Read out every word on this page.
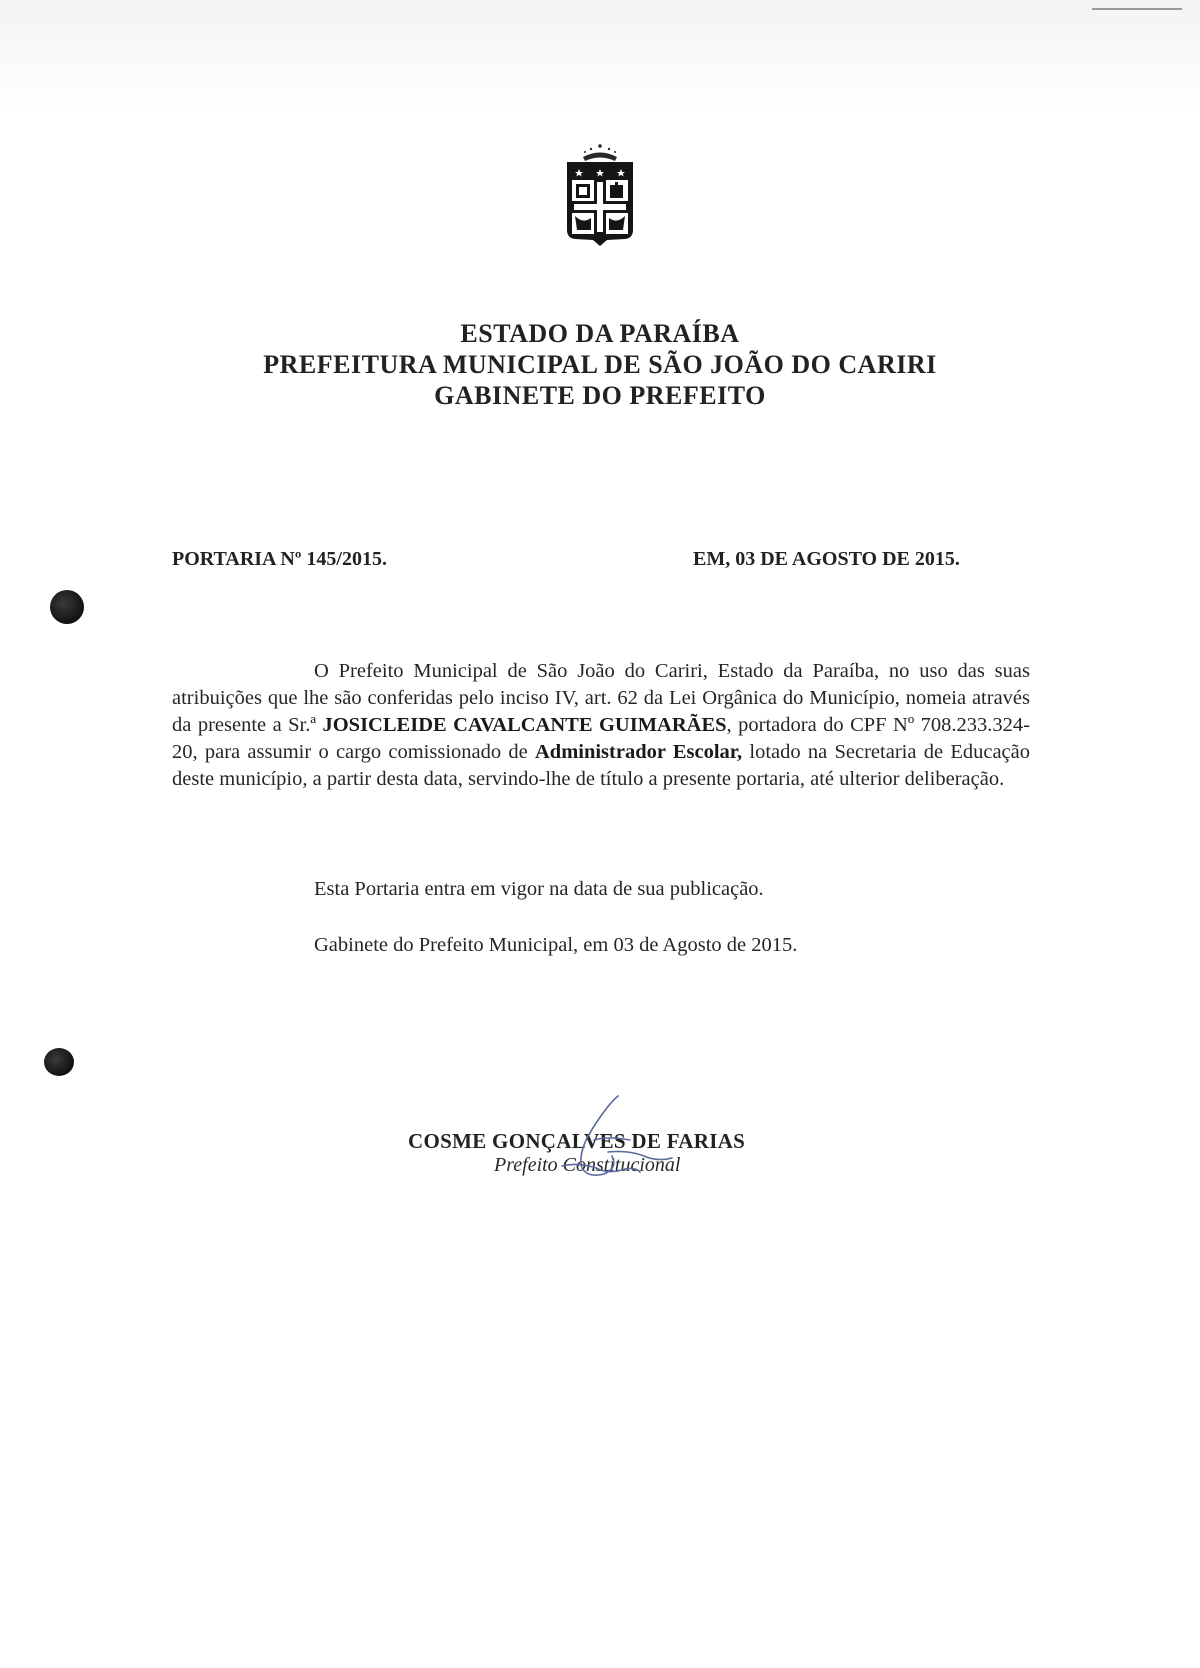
ESTADO DA PARAÍBA
PREFEITURA MUNICIPAL DE SÃO JOÃO DO CARIRI
GABINETE DO PREFEITO
PORTARIA Nº 145/2015.	EM, 03 DE AGOSTO DE 2015.
O Prefeito Municipal de São João do Cariri, Estado da Paraíba, no uso das suas atribuições que lhe são conferidas pelo inciso IV, art. 62 da Lei Orgânica do Município, nomeia através da presente a Sr.ª JOSICLEIDE CAVALCANTE GUIMARÃES, portadora do CPF Nº 708.233.324-20, para assumir o cargo comissionado de Administrador Escolar, lotado na Secretaria de Educação deste município, a partir desta data, servindo-lhe de título a presente portaria, até ulterior deliberação.
Esta Portaria entra em vigor na data de sua publicação.
Gabinete do Prefeito Municipal, em 03 de Agosto de 2015.
COSME GONÇALVES DE FARIAS
Prefeito Constitucional
